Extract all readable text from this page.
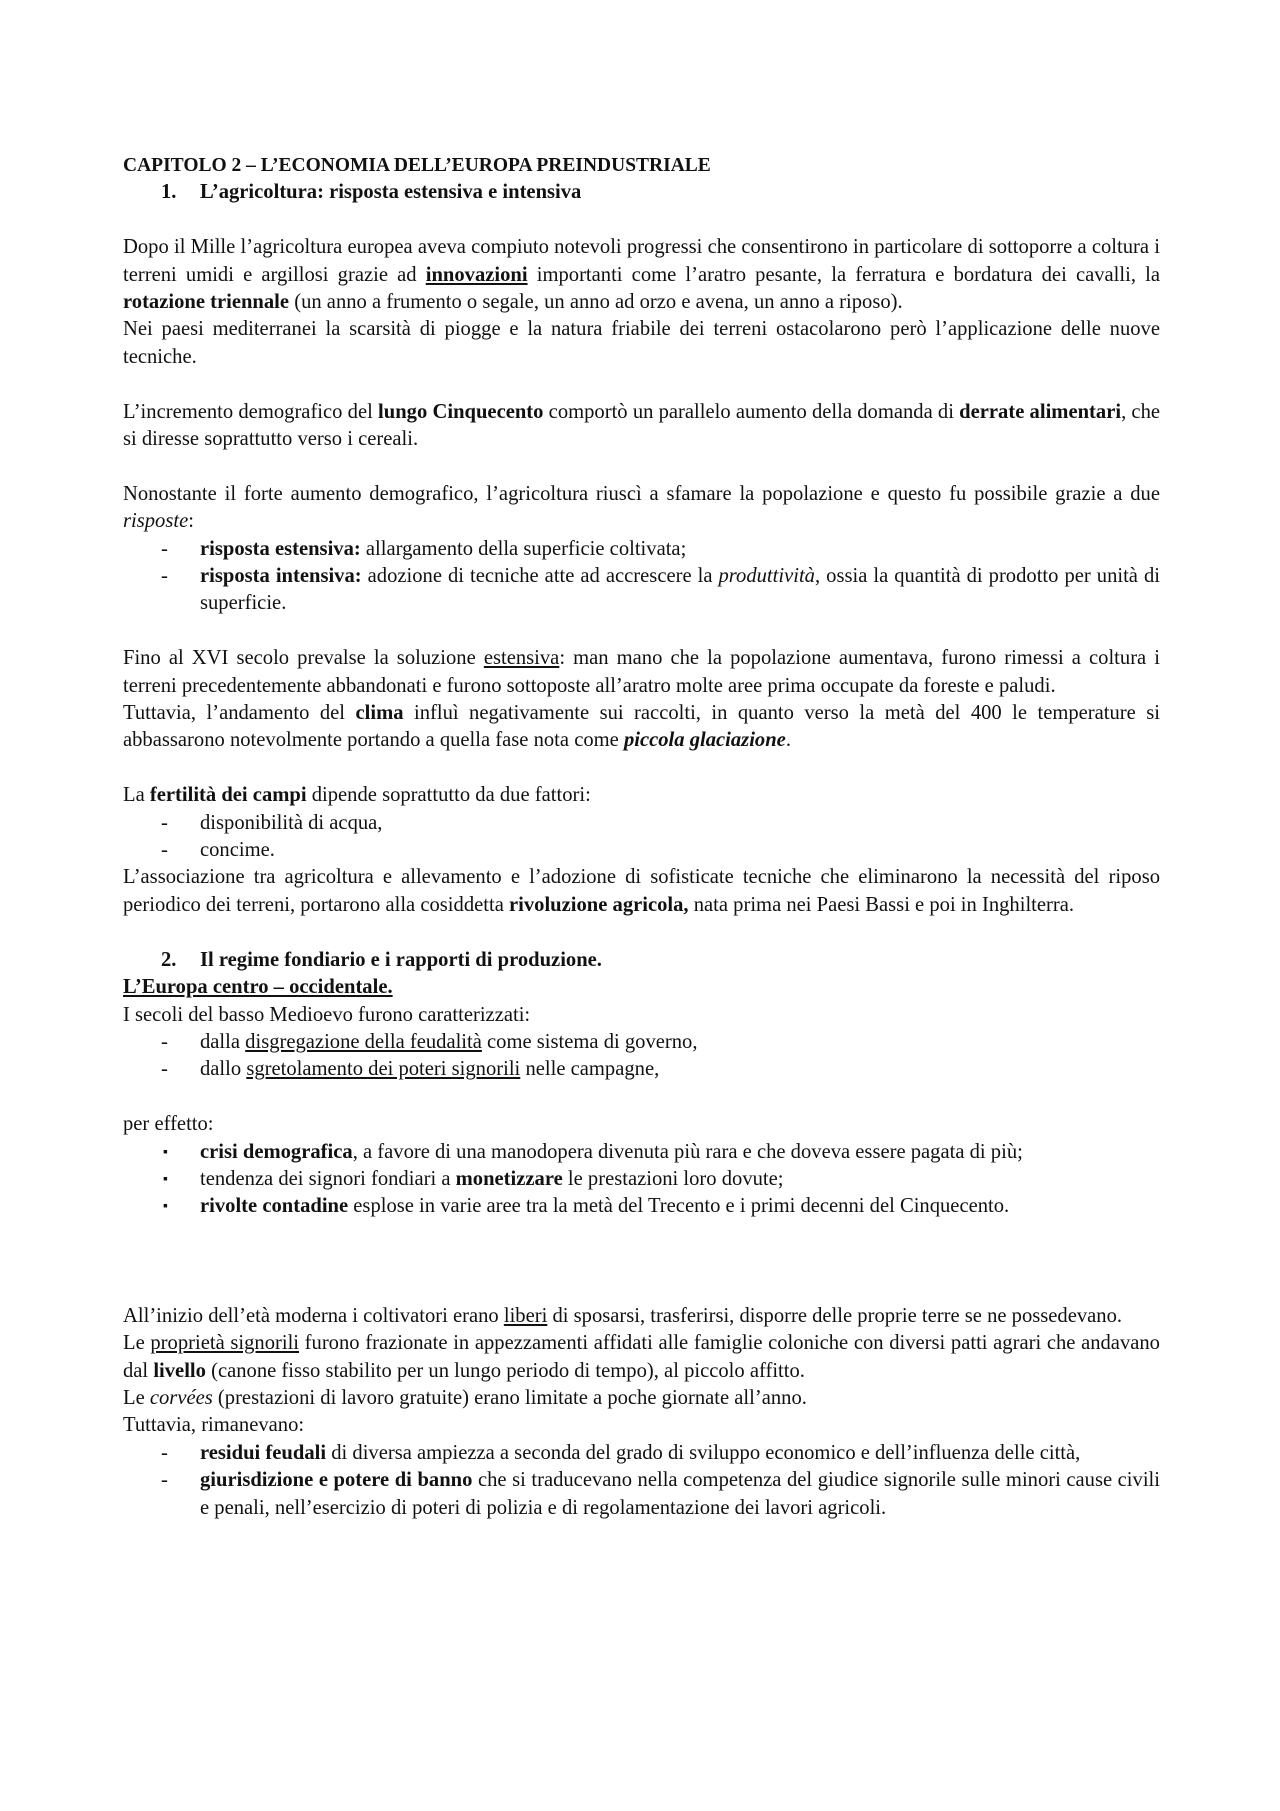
CAPITOLO 2 – L’ECONOMIA DELL’EUROPA PREINDUSTRIALE

1.	L’agricoltura: risposta estensiva e intensiva

Dopo il Mille l’agricoltura europea aveva compiuto notevoli progressi che consentirono in particolare di sottoporre a coltura i terreni umidi e argillosi grazie ad innovazioni importanti come l’aratro pesante, la ferratura e bordatura dei cavalli, la rotazione triennale (un anno a frumento o segale, un anno ad orzo e avena, un anno a riposo).

Nei paesi mediterranei la scarsità di piogge e la natura friabile dei terreni ostacolarono però l’applicazione delle nuove tecniche.

L’incremento demografico del lungo Cinquecento comportò un parallelo aumento della domanda di derrate alimentari, che si diresse soprattutto verso i cereali.

Nonostante il forte aumento demografico, l’agricoltura riuscì a sfamare la popolazione e questo fu possibile grazie a due risposte:

-	risposta estensiva: allargamento della superficie coltivata;
-	risposta intensiva: adozione di tecniche atte ad accrescere la produttività, ossia la quantità di prodotto per unità di superficie.

Fino al XVI secolo prevalse la soluzione estensiva: man mano che la popolazione aumentava, furono rimessi a coltura i terreni precedentemente abbandonati e furono sottoposte all’aratro molte aree prima occupate da foreste e paludi.

Tuttavia, l’andamento del clima influì negativamente sui raccolti, in quanto verso la metà del 400 le temperature si abbassarono notevolmente portando a quella fase nota come piccola glaciazione.

La fertilità dei campi dipende soprattutto da due fattori:

-	disponibilità di acqua,
-	concime.

L’associazione tra agricoltura e allevamento e l’adozione di sofisticate tecniche che eliminarono la necessità del riposo periodico dei terreni, portarono alla cosiddetta rivoluzione agricola, nata prima nei Paesi Bassi e poi in Inghilterra.

2.	Il regime fondiario e i rapporti di produzione.

L’Europa centro – occidentale.

I secoli del basso Medioevo furono caratterizzati:

-	dalla disgregazione della feudalità come sistema di governo,
-	dallo sgretolamento dei poteri signorili nelle campagne,

per effetto:

▪	crisi demografica, a favore di una manodopera divenuta più rara e che doveva essere pagata di più;
▪	tendenza dei signori fondiari a monetizzare le prestazioni loro dovute;
▪	rivolte contadine esplose in varie aree tra la metà del Trecento e i primi decenni del Cinquecento.

All’inizio dell’età moderna i coltivatori erano liberi di sposarsi, trasferirsi, disporre delle proprie terre se ne possedevano.

Le proprietà signorili furono frazionate in appezzamenti affidati alle famiglie coloniche con diversi patti agrari che andavano dal livello (canone fisso stabilito per un lungo periodo di tempo), al piccolo affitto.

Le corvées (prestazioni di lavoro gratuite) erano limitate a poche giornate all’anno.

Tuttavia, rimanevano:

-	residui feudali di diversa ampiezza a seconda del grado di sviluppo economico e dell’influenza delle città,
-	giurisdizione e potere di banno che si traducevano nella competenza del giudice signorile sulle minori cause civili e penali, nell’esercizio di poteri di polizia e di regolamentazione dei lavori agricoli.
